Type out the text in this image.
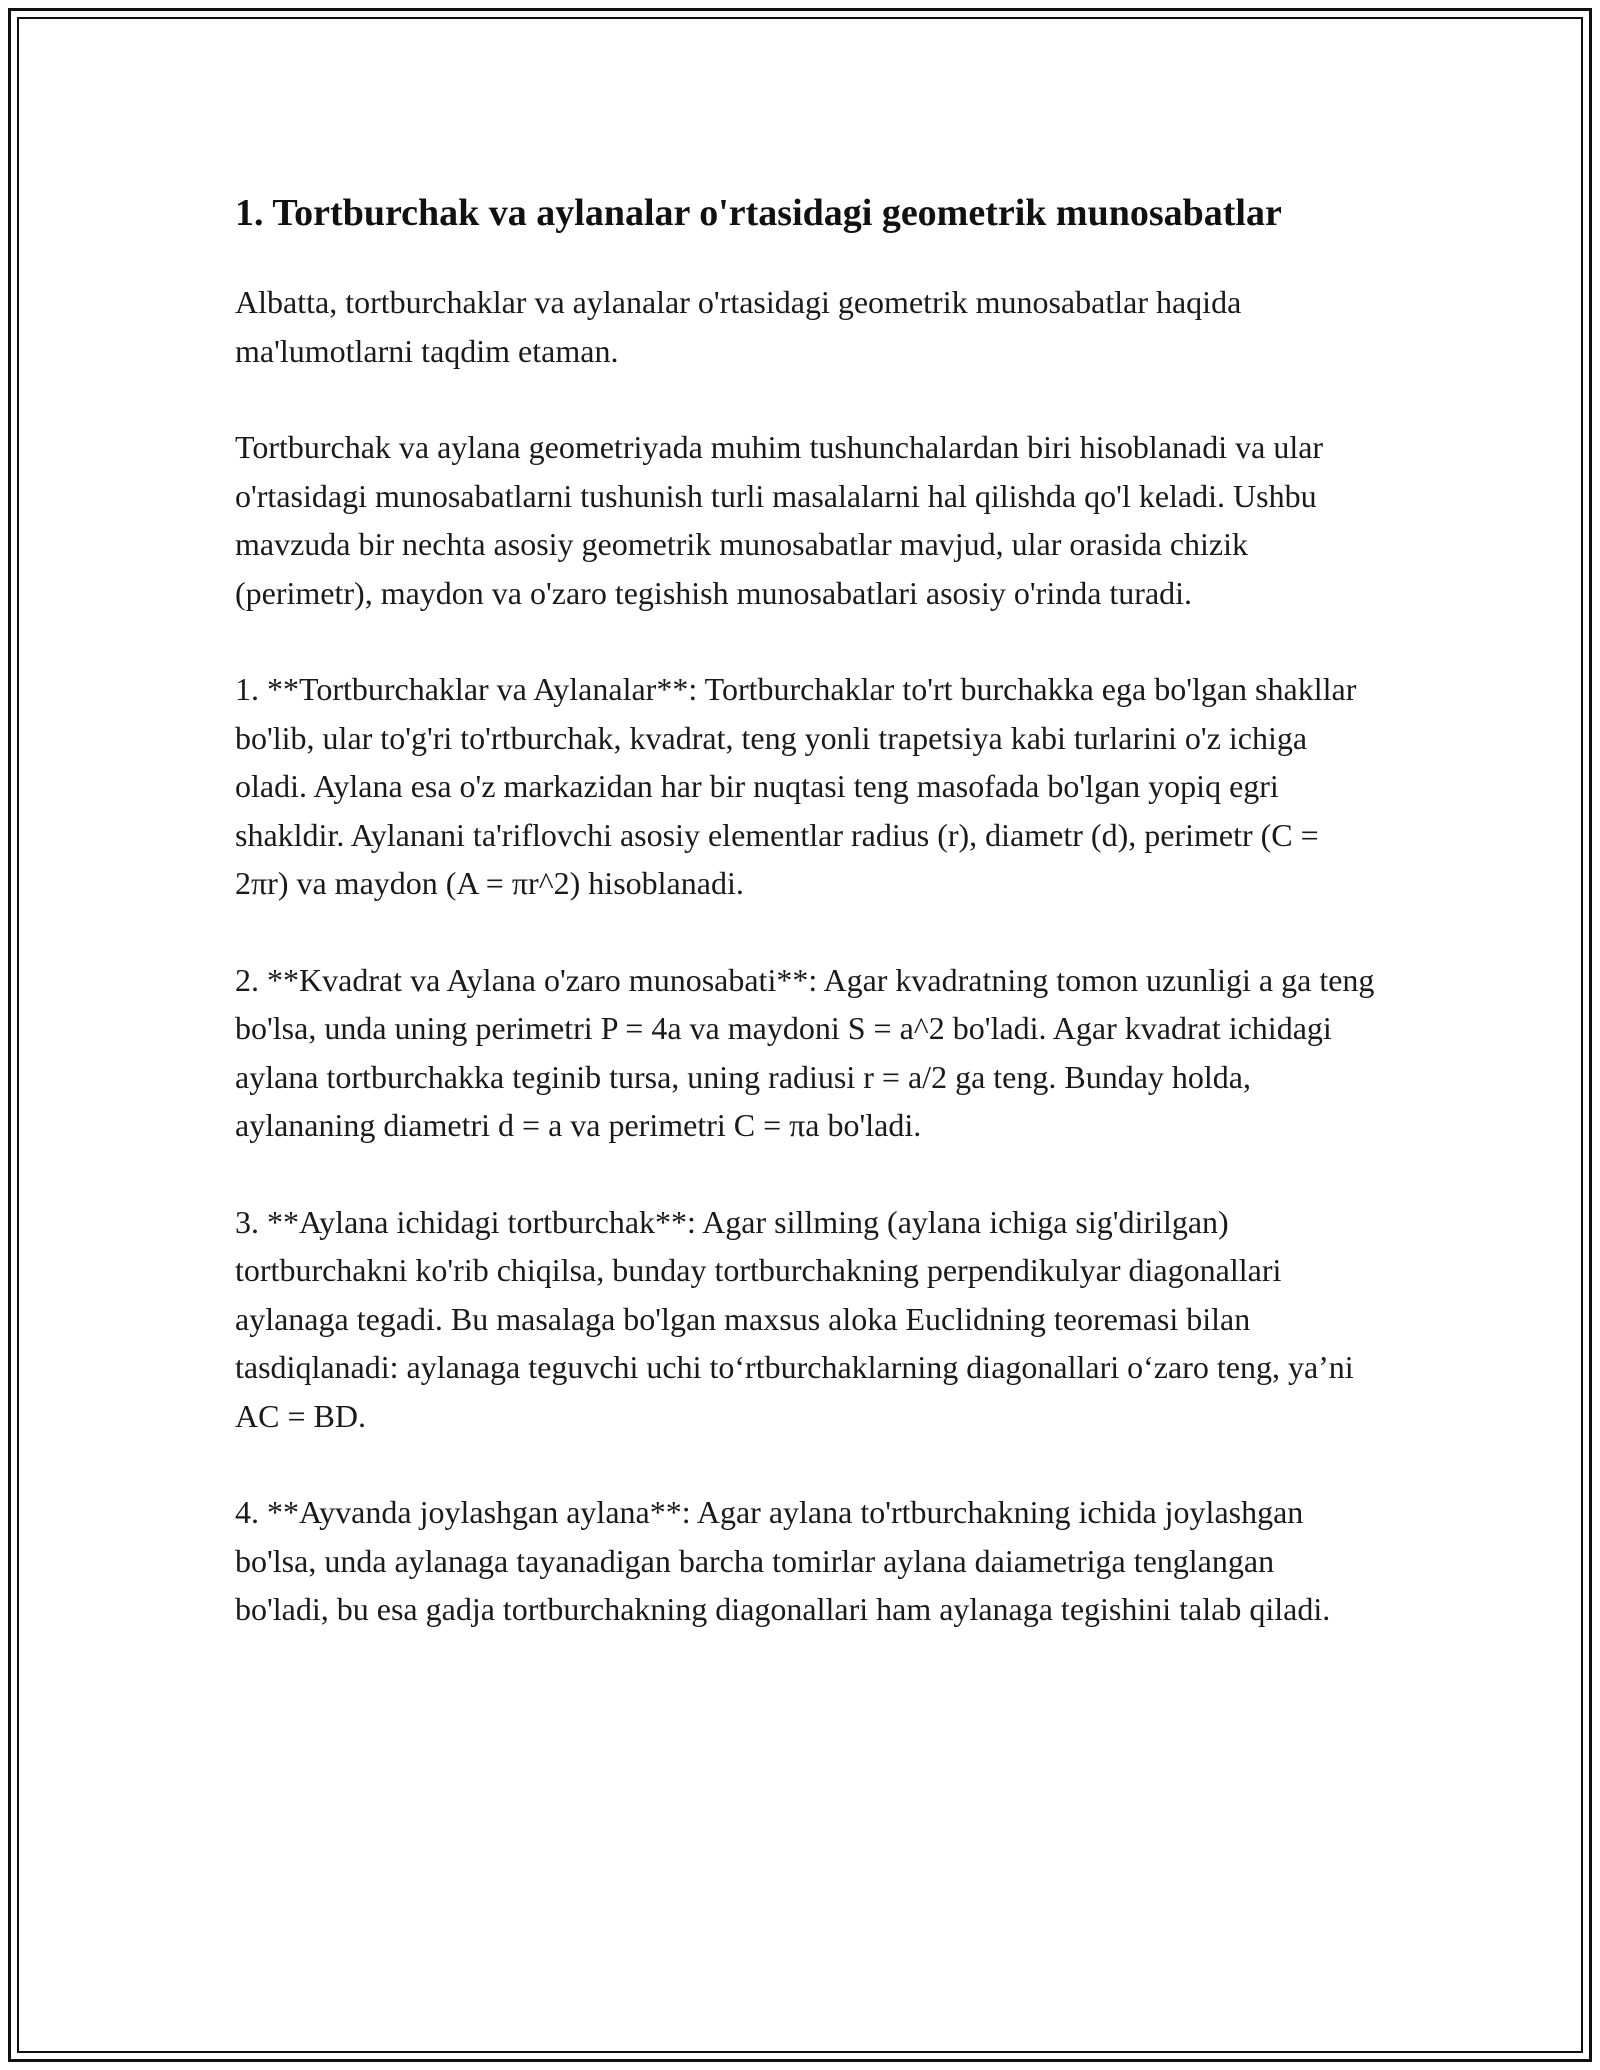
1. Tortburchak va aylanalar o'rtasidagi geometrik munosabatlar

Albatta, tortburchaklar va aylanalar o'rtasidagi geometrik munosabatlar haqida ma'lumotlarni taqdim etaman.

Tortburchak va aylana geometriyada muhim tushunchalardan biri hisoblanadi va ular o'rtasidagi munosabatlarni tushunish turli masalalarni hal qilishda qo'l keladi. Ushbu mavzuda bir nechta asosiy geometrik munosabatlar mavjud, ular orasida chizik (perimetr), maydon va o'zaro tegishish munosabatlari asosiy o'rinda turadi.

1. **Tortburchaklar va Aylanalar**: Tortburchaklar to'rt burchakka ega bo'lgan shakllar bo'lib, ular to'g'ri to'rtburchak, kvadrat, teng yonli trapetsiya kabi turlarini o'z ichiga oladi. Aylana esa o'z markazidan har bir nuqtasi teng masofada bo'lgan yopiq egri shakldir. Aylanani ta'riflovchi asosiy elementlar radius (r), diametr (d), perimetr (C = 2πr) va maydon (A = πr^2) hisoblanadi.

2. **Kvadrat va Aylana o'zaro munosabati**: Agar kvadratning tomon uzunligi a ga teng bo'lsa, unda uning perimetri P = 4a va maydoni S = a^2 bo'ladi. Agar kvadrat ichidagi aylana tortburchakka teginib tursa, uning radiusi r = a/2 ga teng. Bunday holda, aylananing diametri d = a va perimetri C = πa bo'ladi.

3. **Aylana ichidagi tortburchak**: Agar sillming (aylana ichiga sig'dirilgan) tortburchakni ko'rib chiqilsa, bunday tortburchakning perpendikulyar diagonallari aylanaga tegadi. Bu masalaga bo'lgan maxsus aloka Euclidning teoremasi bilan tasdiqlanadi: aylanaga teguvchi uchi to‘rtburchaklarning diagonallari o‘zaro teng, ya’ni AC = BD.

4. **Ayvanda joylashgan aylana**: Agar aylana to'rtburchakning ichida joylashgan bo'lsa, unda aylanaga tayanadigan barcha tomirlar aylana daiametriga tenglangan bo'ladi, bu esa gadja tortburchakning diagonallari ham aylanaga tegishini talab qiladi.
